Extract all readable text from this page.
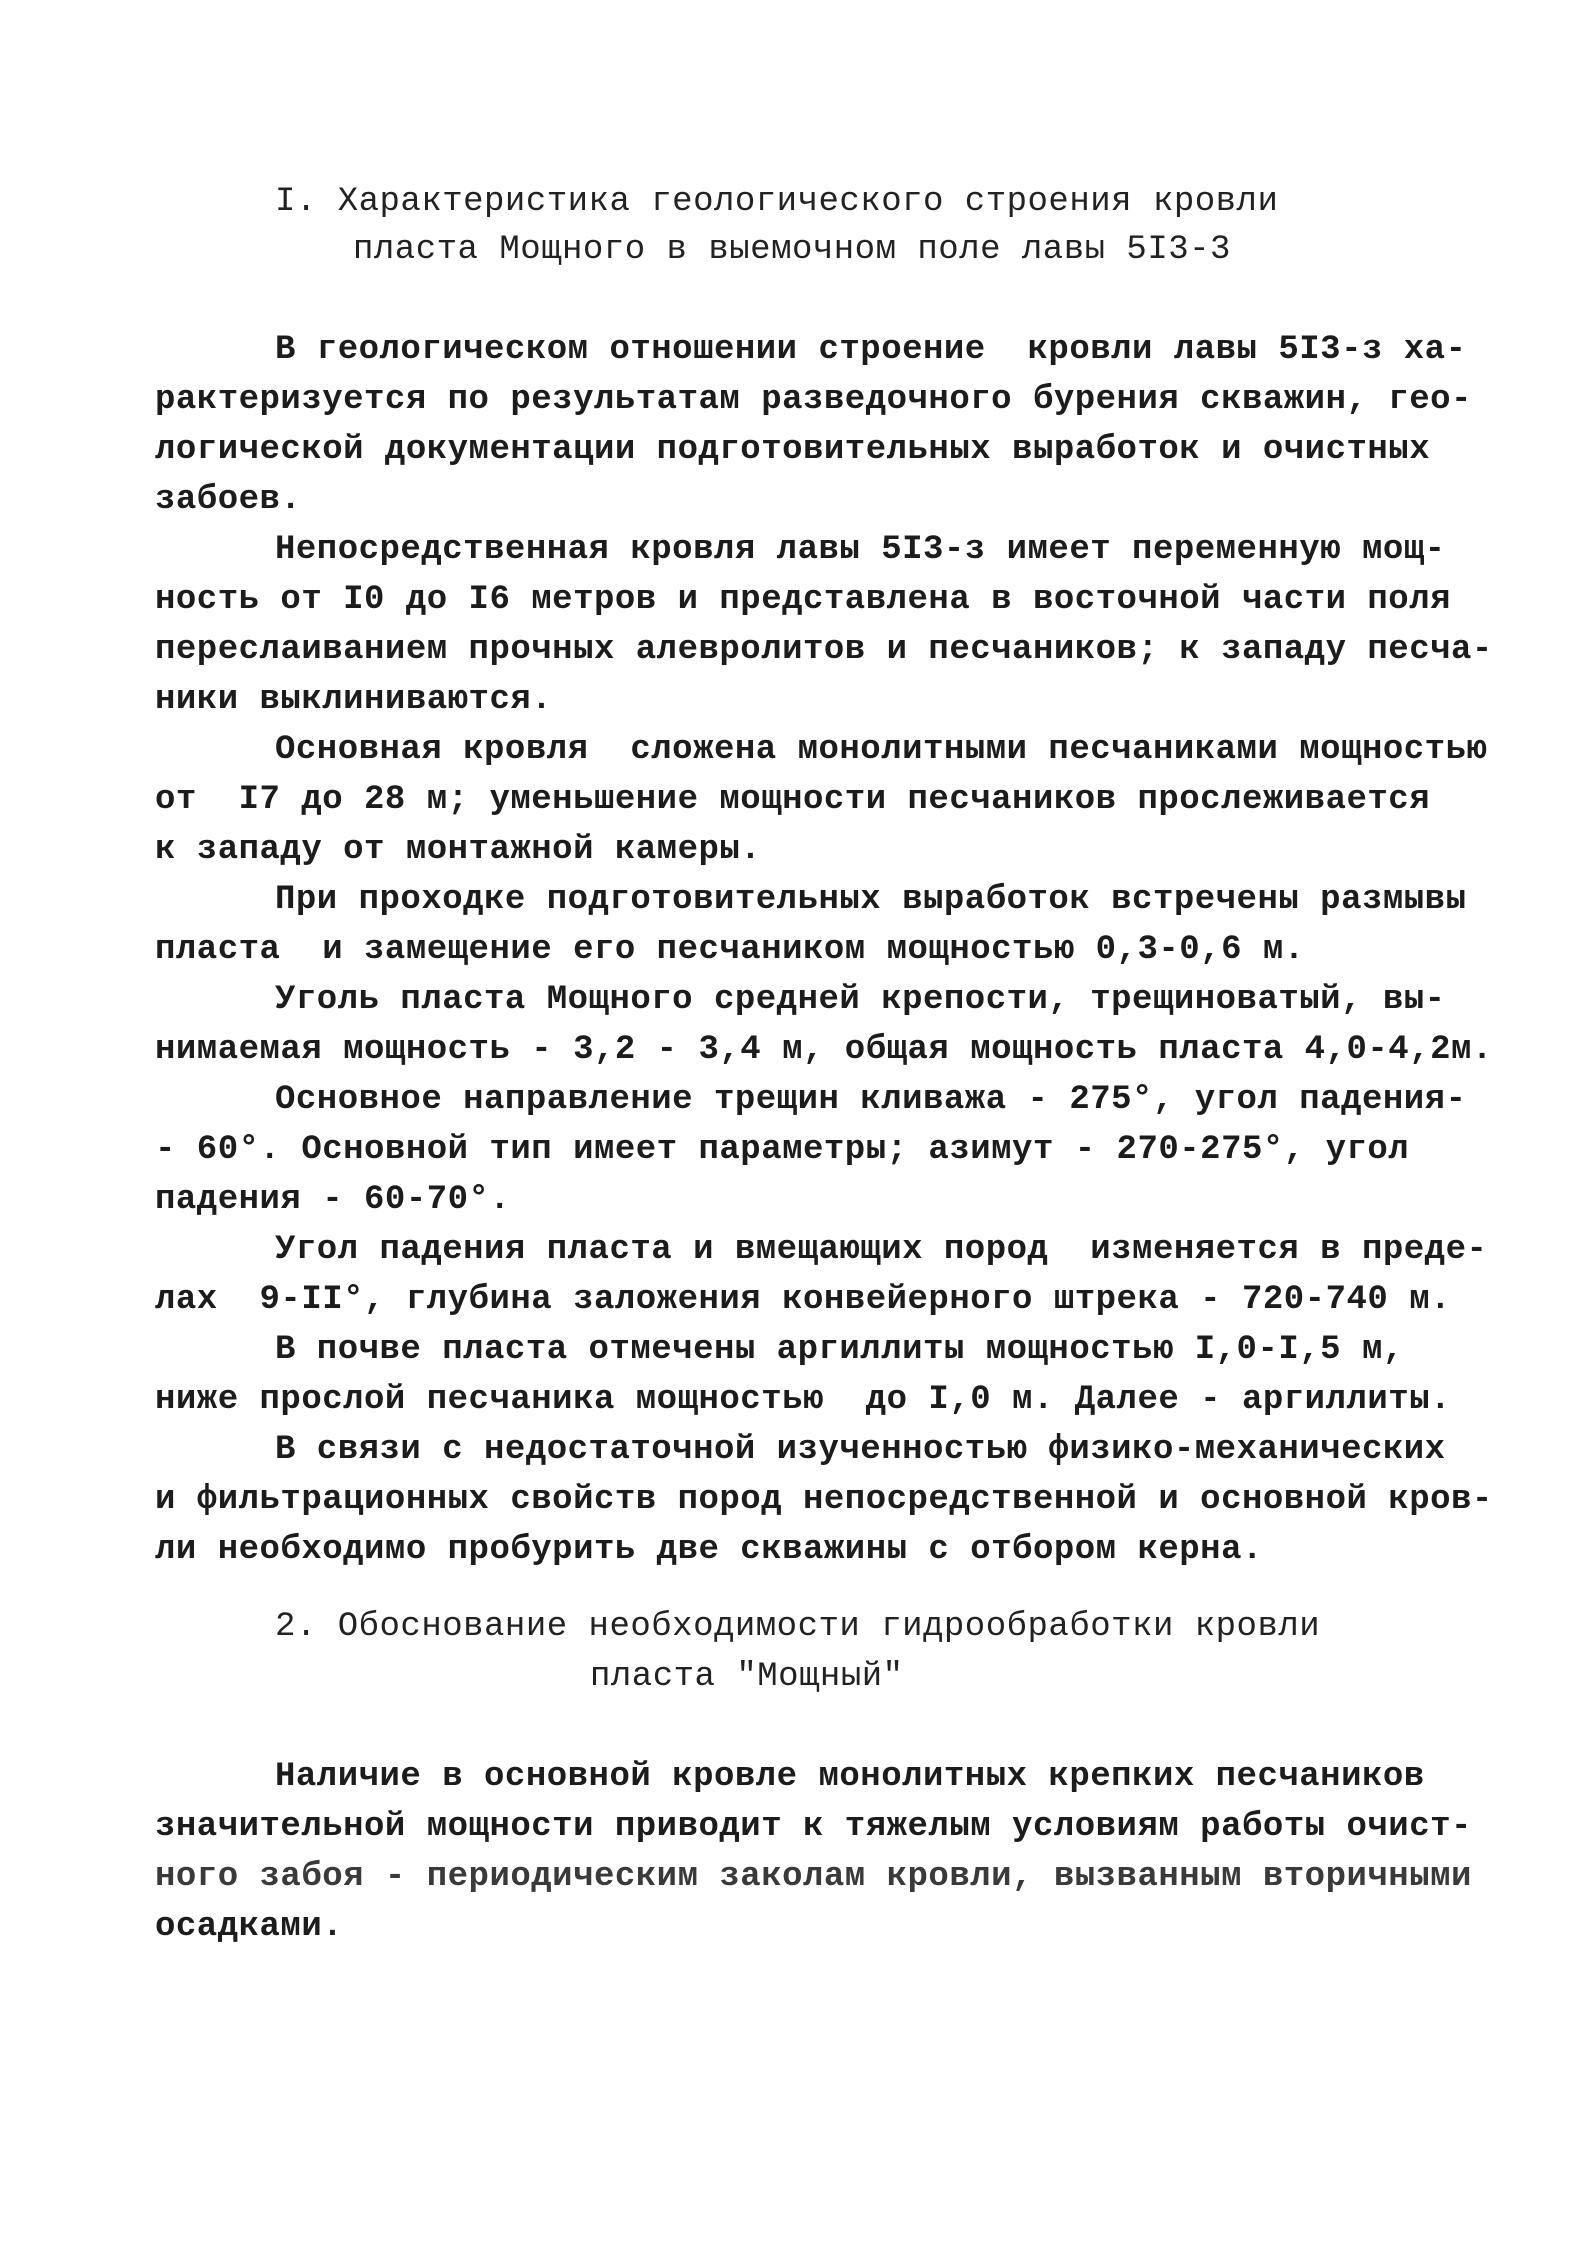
I. Характеристика геологического строения кровли
пласта Мощного в выемочном поле лавы 5I3-3
В геологическом отношении строение  кровли лавы 5I3-з ха-
рактеризуется по результатам разведочного бурения скважин, гео-
логической документации подготовительных выработок и очистных
забоев.
Непосредственная кровля лавы 5I3-з имеет переменную мощ-
ность от I0 до I6 метров и представлена в восточной части поля
переслаиванием прочных алевролитов и песчаников; к западу песча-
ники выклиниваются.
Основная кровля  сложена монолитными песчаниками мощностью
от  I7 до 28 м; уменьшение мощности песчаников прослеживается
к западу от монтажной камеры.
При проходке подготовительных выработок встречены размывы
пласта  и замещение его песчаником мощностью 0,3-0,6 м.
Уголь пласта Мощного средней крепости, трещиноватый, вы-
нимаемая мощность - 3,2 - 3,4 м, общая мощность пласта 4,0-4,2м.
Основное направление трещин кливажа - 275°, угол падения-
- 60°. Основной тип имеет параметры; азимут - 270-275°, угол
падения - 60-70°.
Угол падения пласта и вмещающих пород  изменяется в преде-
лах  9-II°, глубина заложения конвейерного штрека - 720-740 м.
В почве пласта отмечены аргиллиты мощностью I,0-I,5 м,
ниже прослой песчаника мощностью  до I,0 м. Далее - аргиллиты.
В связи с недостаточной изученностью физико-механических
и фильтрационных свойств пород непосредственной и основной кров-
ли необходимо пробурить две скважины с отбором керна.
2. Обоснование необходимости гидрообработки кровли
пласта "Мощный"
Наличие в основной кровле монолитных крепких песчаников
значительной мощности приводит к тяжелым условиям работы очист-
ного забоя - периодическим заколам кровли, вызванным вторичными
осадками.
